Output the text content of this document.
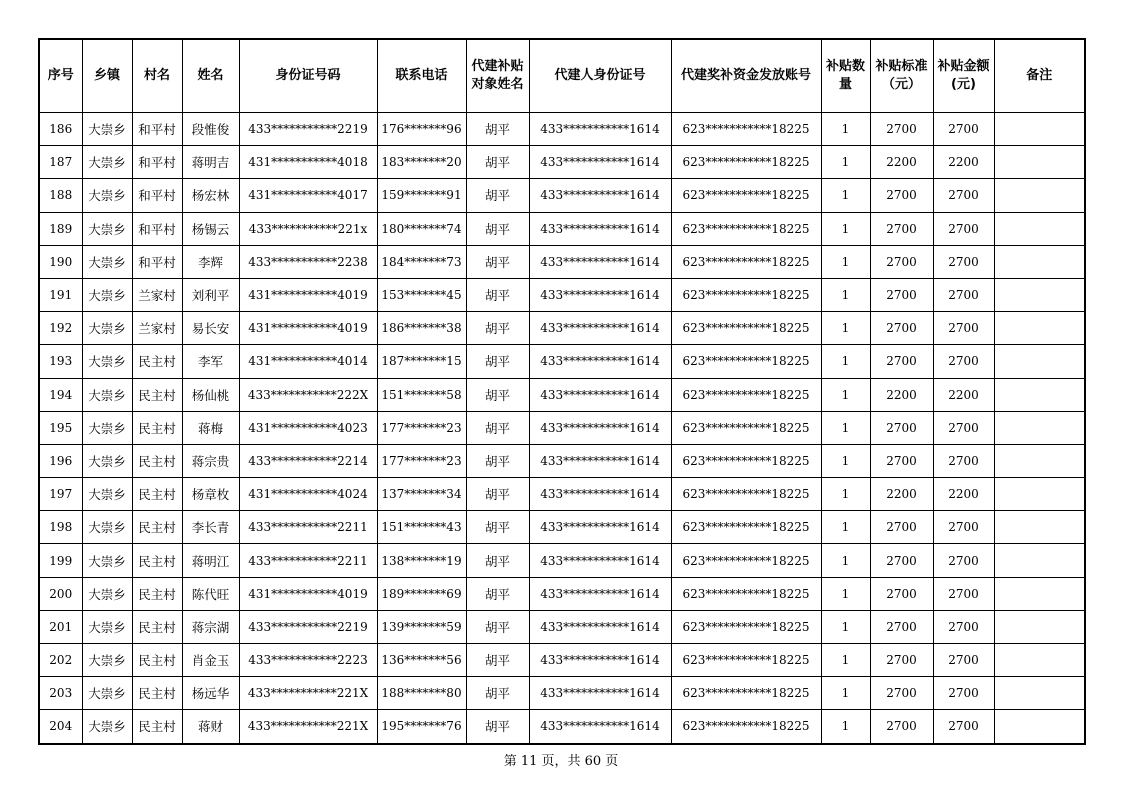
序号	乡镇	村名	姓名	身份证号码	联系电话	代建补贴对象姓名	代建人身份证号	代建奖补资金发放账号	补贴数量	补贴标准（元）	补贴金额(元)	备注
186	大崇乡	和平村	段惟俊	433***********2219	176*******96	胡平	433***********1614	623***********18225	1	2700	2700	
187	大崇乡	和平村	蒋明吉	431***********4018	183*******20	胡平	433***********1614	623***********18225	1	2200	2200	
188	大崇乡	和平村	杨宏林	431***********4017	159*******91	胡平	433***********1614	623***********18225	1	2700	2700	
189	大崇乡	和平村	杨锡云	433***********221x	180*******74	胡平	433***********1614	623***********18225	1	2700	2700	
190	大崇乡	和平村	李辉	433***********2238	184*******73	胡平	433***********1614	623***********18225	1	2700	2700	
191	大崇乡	兰家村	刘利平	431***********4019	153*******45	胡平	433***********1614	623***********18225	1	2700	2700	
192	大崇乡	兰家村	易长安	431***********4019	186*******38	胡平	433***********1614	623***********18225	1	2700	2700	
193	大崇乡	民主村	李军	431***********4014	187*******15	胡平	433***********1614	623***********18225	1	2700	2700	
194	大崇乡	民主村	杨仙桃	433***********222X	151*******58	胡平	433***********1614	623***********18225	1	2200	2200	
195	大崇乡	民主村	蒋梅	431***********4023	177*******23	胡平	433***********1614	623***********18225	1	2700	2700	
196	大崇乡	民主村	蒋宗贵	433***********2214	177*******23	胡平	433***********1614	623***********18225	1	2700	2700	
197	大崇乡	民主村	杨章枚	431***********4024	137*******34	胡平	433***********1614	623***********18225	1	2200	2200	
198	大崇乡	民主村	李长青	433***********2211	151*******43	胡平	433***********1614	623***********18225	1	2700	2700	
199	大崇乡	民主村	蒋明江	433***********2211	138*******19	胡平	433***********1614	623***********18225	1	2700	2700	
200	大崇乡	民主村	陈代旺	431***********4019	189*******69	胡平	433***********1614	623***********18225	1	2700	2700	
201	大崇乡	民主村	蒋宗湖	433***********2219	139*******59	胡平	433***********1614	623***********18225	1	2700	2700	
202	大崇乡	民主村	肖金玉	433***********2223	136*******56	胡平	433***********1614	623***********18225	1	2700	2700	
203	大崇乡	民主村	杨远华	433***********221X	188*******80	胡平	433***********1614	623***********18225	1	2700	2700	
204	大崇乡	民主村	蒋财	433***********221X	195*******76	胡平	433***********1614	623***********18225	1	2700	2700	
第 11 页，共 60 页
